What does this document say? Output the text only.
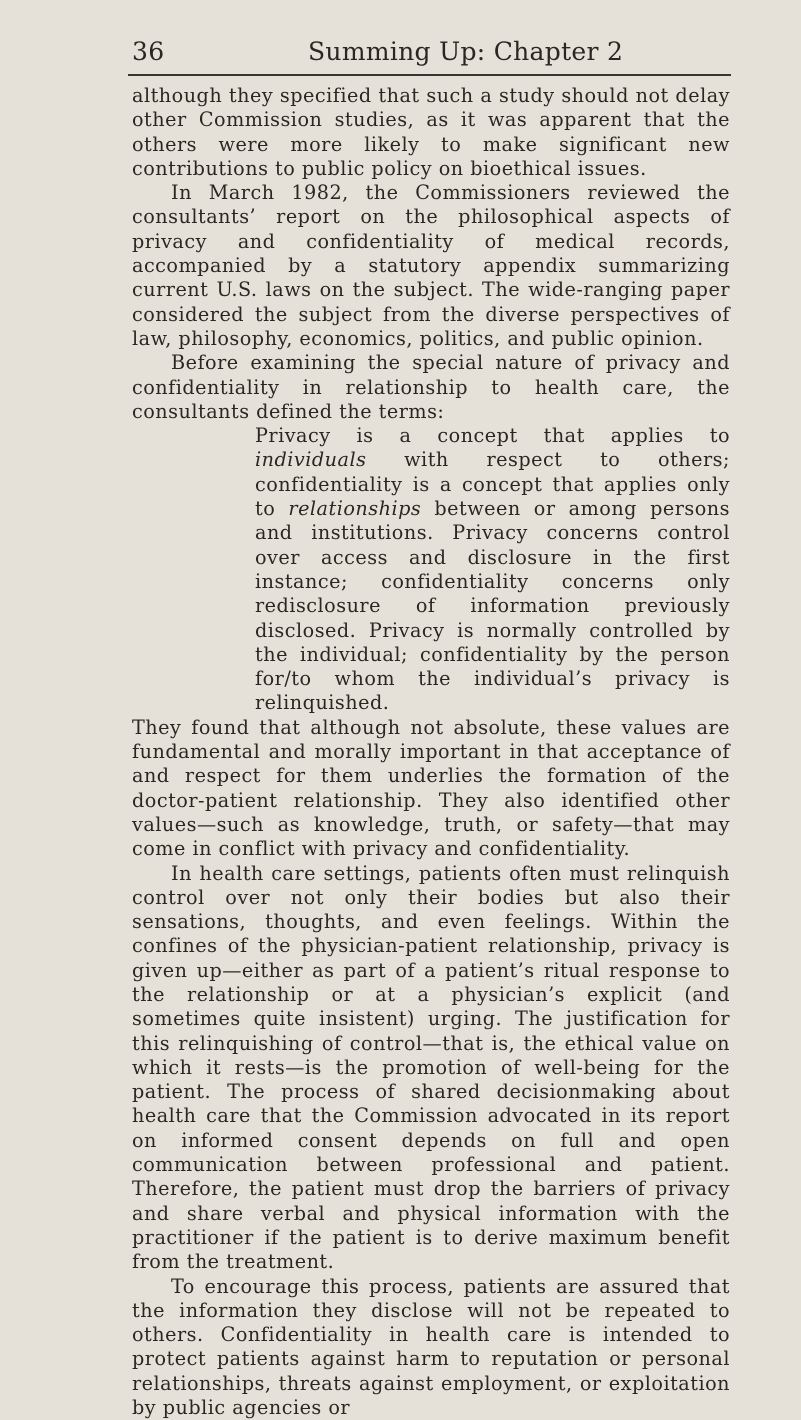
36	Summing Up: Chapter 2

although they specified that such a study should not delay other Commission studies, as it was apparent that the others were more likely to make significant new contributions to public policy on bioethical issues.

In March 1982, the Commissioners reviewed the consultants’ report on the philosophical aspects of privacy and confidentiality of medical records, accompanied by a statutory appendix summarizing current U.S. laws on the subject. The wide-ranging paper considered the subject from the diverse perspectives of law, philosophy, economics, politics, and public opinion.

Before examining the special nature of privacy and confidentiality in relationship to health care, the consultants defined the terms:

Privacy is a concept that applies to individuals with respect to others; confidentiality is a concept that applies only to relationships between or among persons and institutions. Privacy concerns control over access and disclosure in the first instance; confidentiality concerns only redisclosure of information previously disclosed. Privacy is normally controlled by the individual; confidentiality by the person for/to whom the individual’s privacy is relinquished.

They found that although not absolute, these values are fundamental and morally important in that acceptance of and respect for them underlies the formation of the doctor-patient relationship. They also identified other values—such as knowledge, truth, or safety—that may come in conflict with privacy and confidentiality.

In health care settings, patients often must relinquish control over not only their bodies but also their sensations, thoughts, and even feelings. Within the confines of the physician-patient relationship, privacy is given up—either as part of a patient’s ritual response to the relationship or at a physician’s explicit (and sometimes quite insistent) urging. The justification for this relinquishing of control—that is, the ethical value on which it rests—is the promotion of well-being for the patient. The process of shared decisionmaking about health care that the Commission advocated in its report on informed consent depends on full and open communication between professional and patient. Therefore, the patient must drop the barriers of privacy and share verbal and physical information with the practitioner if the patient is to derive maximum benefit from the treatment.

To encourage this process, patients are assured that the information they disclose will not be repeated to others. Confidentiality in health care is intended to protect patients against harm to reputation or personal relationships, threats against employment, or exploitation by public agencies or
